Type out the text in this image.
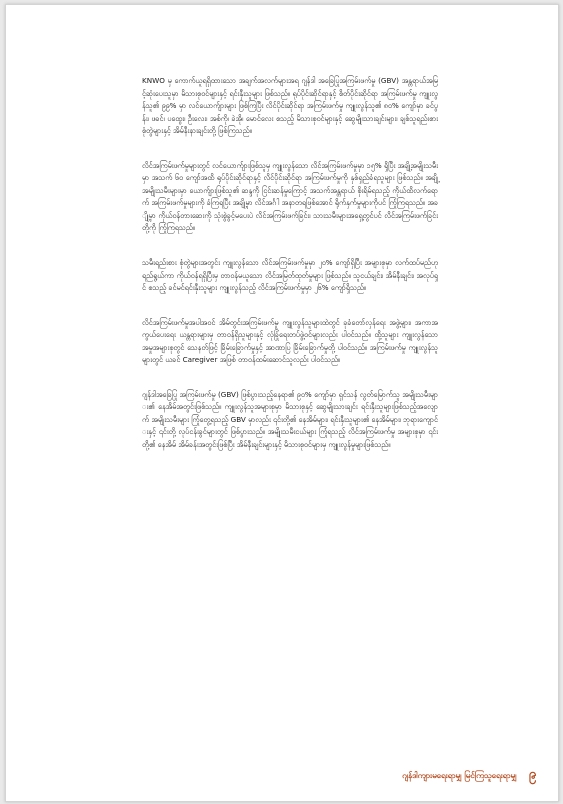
KNWO မှ ကောက်ယူရရှိထားသော အချက်အလက်များအရ ဂျန်ဒါ အခြေပြုအကြမ်းဖက်မှု (GBV) အန္တရာယ်အမြင့်ဆုံးပေးသူမှာ မိသားစုဝင်များနှင့် ရင်းနှီးသူများ ဖြစ်သည်။ ရုပ်ပိုင်းဆိုင်ရာနှင့် စိတ်ပိုင်းဆိုင်ရာ အကြမ်းဖက်မှု ကျူးလွန်သူ၏ ၉၉% မှာ လင်ယောက်ျားများ ဖြစ်ကြပြီး လိင်ပိုင်းဆိုင်ရာ အကြမ်းဖက်မှု ကျူးလွန်သူ၏ ၈၀% ကျော်မှာ ခင်ပွန်း၊ ဖခင်၊ ပထွေး၊ ဦးလေး၊ အစ်ကို၊ ခဲအို၊ မောင်လေး စသည့် မိသားစုဝင်များနှင့် ဆွေမျိုးသားချင်းများ၊ ချစ်သူရည်းစား စုံတွဲများနှင့် အိမ်နီးနားချင်းတို့ ဖြစ်ကြသည်။

လိင်အကြမ်းဖက်မှုများတွင် လင်ယောက်ျားဖြစ်သူမှ ကျူးလွန်သော လိင်အကြမ်းဖက်မှုမှာ ၁၅% ရှိပြီး အချို့အမျိုးသမီးမှာ အသက် ၆၀ ကျော်အထိ ရုပ်ပိုင်းဆိုင်ရာနှင့် လိင်ပိုင်းဆိုင်ရာ အကြမ်းဖက်မှုကို နှစ်ရှည်ခံရသူများ ဖြစ်သည်။ အချို့ အမျိုးသမီးများမှာ ယောက်ျားဖြစ်သူ၏ ဆန္ဒကို ငြင်းဆန်မှုကြောင့် အသက်အန္တရာယ် စိုးရိမ်ရသည့် ကိုယ်ထိလက်ရောက် အကြမ်းဖက်မှုများကို ခံကြရပြီး အချို့မှာ လိင်အင်္ဂါ အနာတရဖြစ်အောင် ရိုက်နှက်မှုများကိုပင် ကြုံကြရသည်။ အချို့မှာ ကိုယ်ဝန်တားဆေးကို သုံးစွဲခွင့်မပေးပဲ လိင်အကြမ်းဖက်ခြင်း၊ သားသမီးများအရှေ့တွင်ပင် လိင်အကြမ်းဖက်ခြင်းတို့ကို ကြုံကြရသည်။

သမီးရည်းစား စုံတွဲများအတွင်း ကျူးလွန်သော လိင်အကြမ်းဖက်မှုမှာ ၂၀% ကျော်ရှိပြီး အများစုမှာ လက်ထပ်မည်ဟု ရည်ရွယ်ကာ ကိုယ်ဝန်ရရှိပြီးမှ တာဝန်မယူသော လိင်အမြတ်ထုတ်မှုများ ဖြစ်သည်။ သူငယ်ချင်း၊ အိမ်နီးချင်း၊ အလုပ်ရှင် စသည့် ခင်မင်ရင်းနှီးသူများ ကျူးလွန်သည့် လိင်အကြမ်းဖက်မှုမှာ ၂၆% ကျော်ရှိသည်။

လိင်အကြမ်းဖက်မှုအပါအဝင် အိမ်တွင်းအကြမ်းဖက်မှု ကျူးလွန်သူများထဲတွင် ခုခံတော်လှန်ရေး အဖွဲ့များ၊ အကာအကွယ်ပေးရေး ယန္တရားများမှ တာဝန်ရှိသူများနှင့် လုံခြုံရေးတပ်ဖွဲ့ဝင်များလည်း ပါဝင်သည်။ ထို့သူများ ကျူးလွန်သော အမှုအများစုတွင် သေနတ်ဖြင့် ခြိမ်းခြောက်မှုနှင့် အာဏာပြ ခြိမ်းခြောက်မှုတို့ ပါဝင်သည်။ အကြမ်းဖက်မှု ကျူးလွန်သူများတွင် ယခင် Caregiver အဖြစ် တာဝန်ထမ်းဆောင်သူလည်း ပါဝင်သည်။

ဂျန်ဒါအခြေပြု အကြမ်းဖက်မှု (GBV) ဖြစ်ပွားသည့်နေရာ၏ ၉၀% ကျော်မှာ ရှင်သန် လွတ်မြောက်သူ အမျိုးသမီးများ၏ နေအိမ်အတွင်းဖြစ်သည်။ ကျူးလွန်သူအများစုမှာ မိသားစုနှင့် ဆွေမျိုးသားချင်း ရင်းနှီးသူများဖြစ်သည့်အလျောက် အမျိုးသမီးများ ကြုံတွေ့ရသည့် GBV မှာလည်း ၎င်းတို့၏ နေအိမ်များ၊ ရင်းနှီးသူများ၏ နေအိမ်များ၊ ဘုရားကျောင်းနှင့် ၎င်းတို့ လုပ်ငန်းခွင်များတွင် ဖြစ်ပွားသည်။ အမျိုးသမီးငယ်များ ကြုံရသည့် လိင်အကြမ်းဖက်မှု အများစုမှာ ၎င်းတို့၏ နေအိမ် အိမ်ခန်းအတွင်းဖြစ်ပြီး အိမ်နီးချင်းများနှင့် မိသားစုဝင်များမှ ကျူးလွန်မှုများဖြစ်သည်။

ဂျန်ဒါကျားမရေးရာမျှ မြင်ကြသူရေးရာမျှ ၉
